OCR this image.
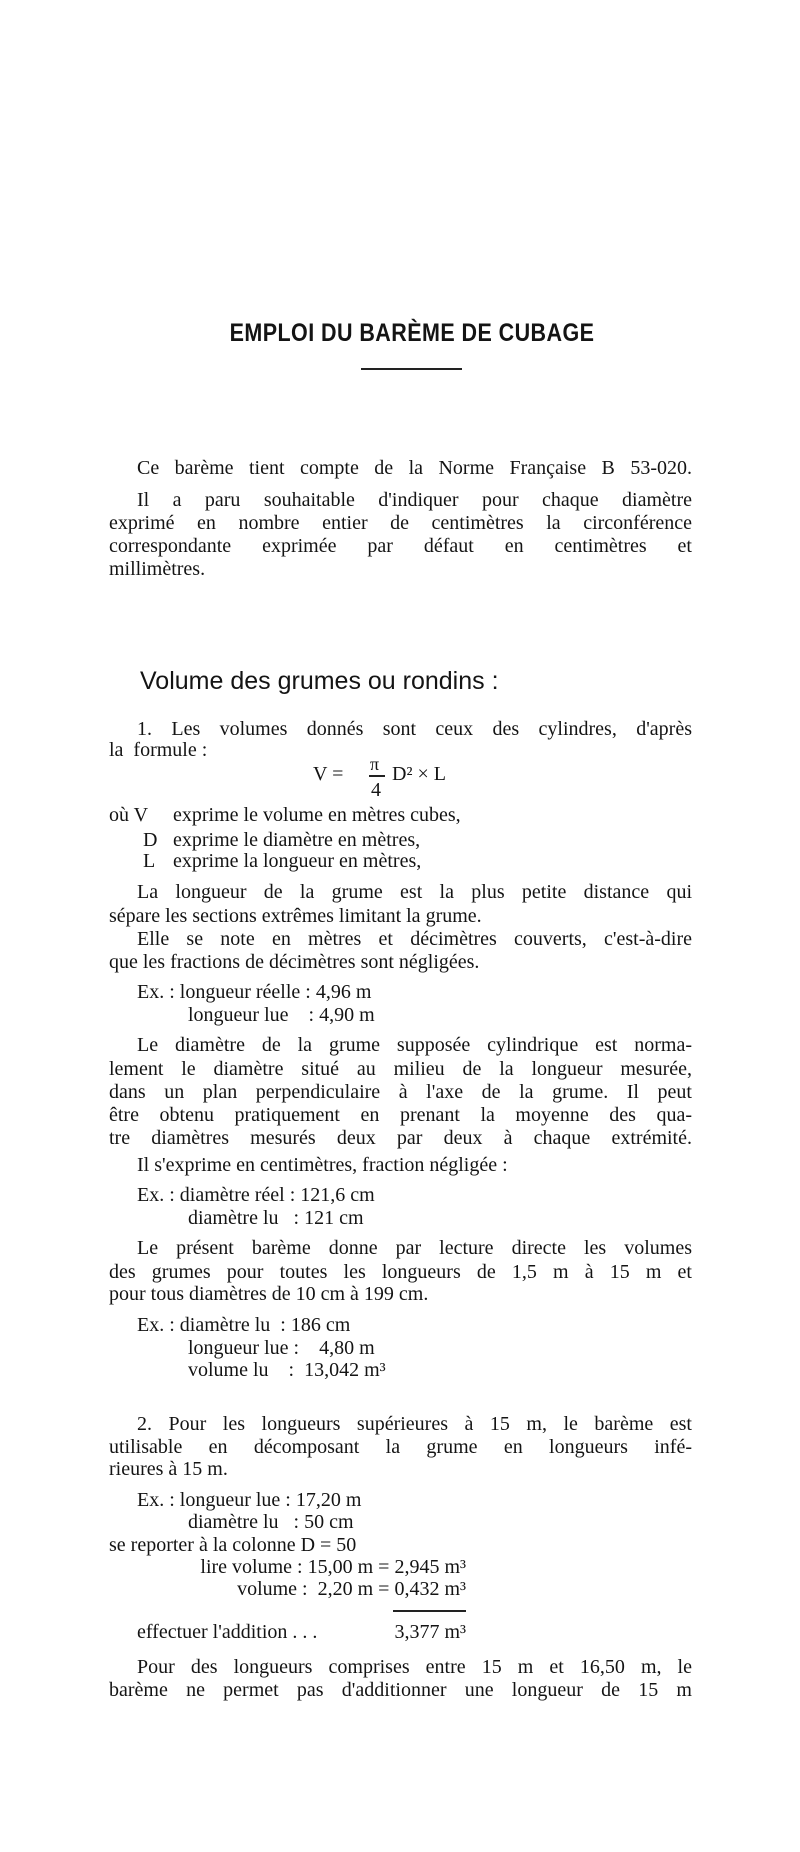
EMPLOI DU BARÈME DE CUBAGE
Volume des grumes ou rondins :
Ce barème tient compte de la Norme Française B 53-020.
Il a paru souhaitable d'indiquer pour chaque diamètre
exprimé en nombre entier de centimètres la circonférence
correspondante exprimée par défaut en centimètres et
millimètres.
1. Les volumes donnés sont ceux des cylindres, d'après
la  formule :
V = π
4
D² × L
où V exprime le volume en mètres cubes,
D exprime le diamètre en mètres,
L exprime la longueur en mètres,
La longueur de la grume est la plus petite distance qui
sépare les sections extrêmes limitant la grume.
Elle se note en mètres et décimètres couverts, c'est-à-dire
que les fractions de décimètres sont négligées.
Ex. : longueur réelle : 4,96 m
longueur lue    : 4,90 m
Le diamètre de la grume supposée cylindrique est norma-
lement le diamètre situé au milieu de la longueur mesurée,
dans un plan perpendiculaire à l'axe de la grume. Il peut
être obtenu pratiquement en prenant la moyenne des qua-
tre diamètres mesurés deux par deux à chaque extrémité.
Il s'exprime en centimètres, fraction négligée :
Ex. : diamètre réel : 121,6 cm
diamètre lu   : 121 cm
Le présent barème donne par lecture directe les volumes
des grumes pour toutes les longueurs de 1,5 m à 15 m et
pour tous diamètres de 10 cm à 199 cm.
Ex. : diamètre lu  : 186 cm
longueur lue :    4,80 m
volume lu    :  13,042 m³
2. Pour les longueurs supérieures à 15 m, le barème est
utilisable en décomposant la grume en longueurs infé-
rieures à 15 m.
Ex. : longueur lue : 17,20 m
diamètre lu   : 50 cm
se reporter à la colonne D = 50
lire volume : 15,00 m = 2,945 m³
volume :  2,20 m = 0,432 m³
effectuer l'addition . . .	3,377 m³
Pour des longueurs comprises entre 15 m et 16,50 m, le
barème ne permet pas d'additionner une longueur de 15 m
